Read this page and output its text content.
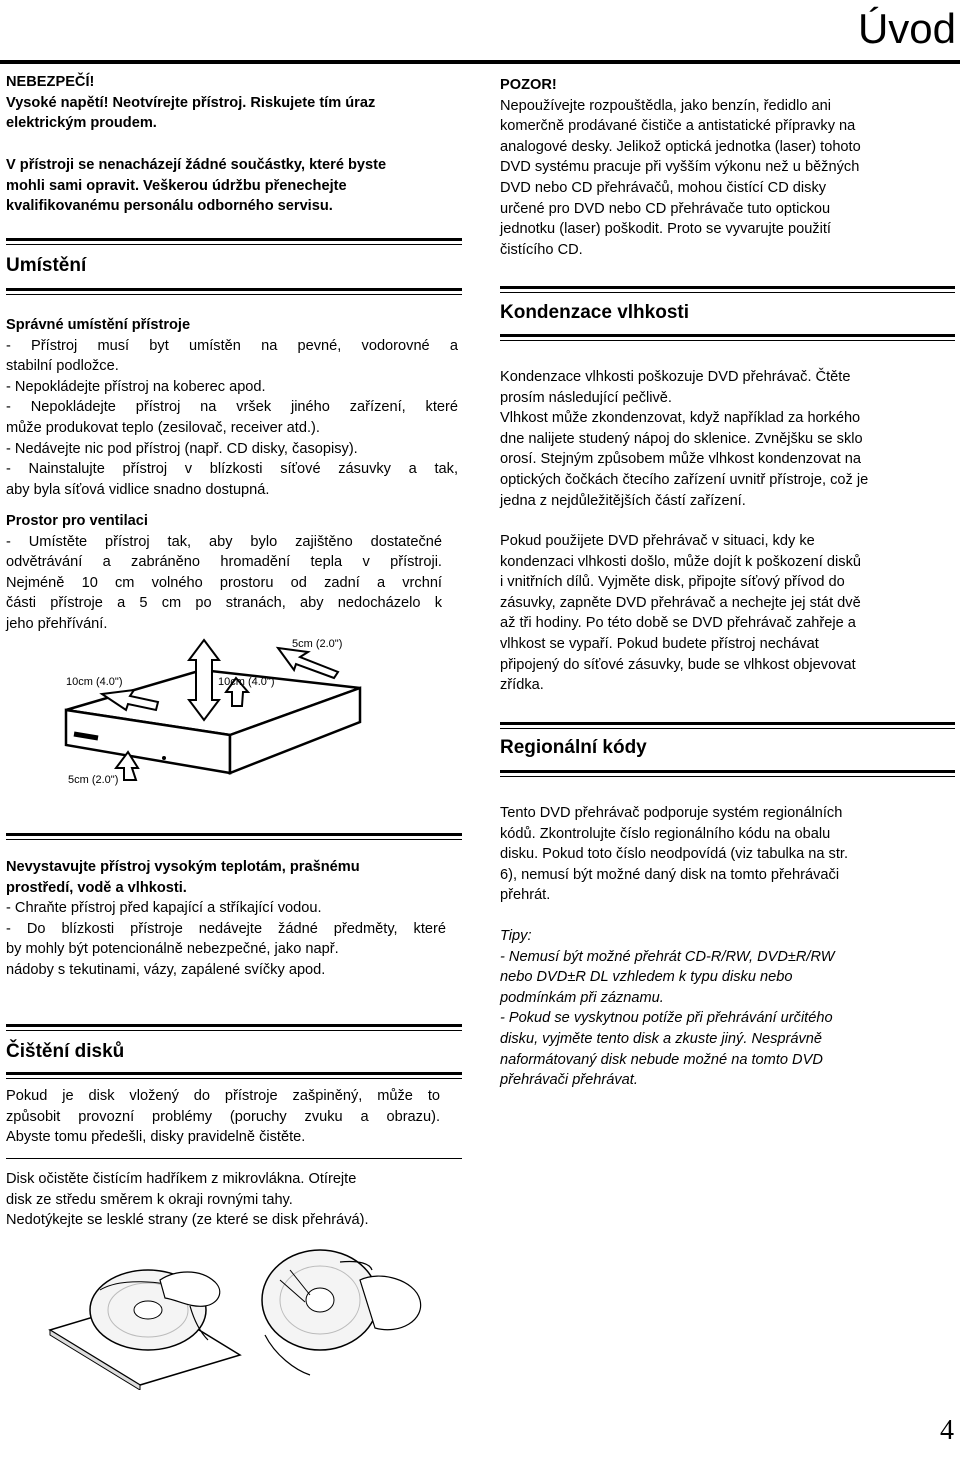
Úvod
NEBEZPEČÍ!
Vysoké napětí! Neotvírejte přístroj. Riskujete tím úraz
elektrickým proudem.
V přístroji se nenacházejí žádné součástky, které byste
mohli sami opravit. Veškerou údržbu přenechejte
kvalifikovanému personálu odborného servisu.
Umístění
Správné umístění přístroje
- Přístroj musí byt umístěn na pevné, vodorovné a
stabilní podložce.
- Nepokládejte přístroj na koberec apod.
- Nepokládejte přístroj na vršek jiného zařízení, které
může produkovat teplo (zesilovač, receiver atd.).
- Nedávejte nic pod přístroj (např. CD disky, časopisy).
- Nainstalujte přístroj v blízkosti síťové zásuvky a tak,
aby byla síťová vidlice snadno dostupná.
Prostor pro ventilaci
- Umístěte přístroj tak, aby bylo zajištěno dostatečné
odvětrávání a zabráněno hromadění tepla v přístroji.
Nejméně 10 cm volného prostoru od zadní a vrchní
části přístroje a 5 cm po stranách, aby nedocházelo k
jeho přehřívání.
5cm (2.0")
10cm (4.0")	10cm (4.0")
5cm (2.0")
Nevystavujte přístroj vysokým teplotám, prašnému
prostředí, vodě a vlhkosti.
- Chraňte přístroj před kapající a stříkající vodou.
- Do blízkosti přístroje nedávejte žádné předměty, které
by mohly být potencionálně nebezpečné, jako např.
nádoby s tekutinami, vázy, zapálené svíčky apod.
Čištění disků
Pokud je disk vložený do přístroje zašpiněný, může to
způsobit provozní problémy (poruchy zvuku a obrazu).
Abyste tomu předešli, disky pravidelně čistěte.
Disk očistěte čistícím hadříkem z mikrovlákna. Otírejte
disk ze středu směrem k okraji rovnými tahy.
Nedotýkejte se lesklé strany (ze které se disk přehrává).
POZOR!
Nepoužívejte rozpouštědla, jako benzín, ředidlo ani
komerčně prodávané čističe a antistatické přípravky na
analogové desky. Jelikož optická jednotka (laser) tohoto
DVD systému pracuje při vyšším výkonu než u běžných
DVD nebo CD přehrávačů, mohou čistící CD disky
určené pro DVD nebo CD přehrávače tuto optickou
jednotku (laser) poškodit. Proto se vyvarujte použití
čistícího CD.
Kondenzace vlhkosti
Kondenzace vlhkosti poškozuje DVD přehrávač. Čtěte
prosím následující pečlivě.
Vlhkost může zkondenzovat, když například za horkého
dne nalijete studený nápoj do sklenice. Zvnějšku se sklo
orosí. Stejným způsobem může vlhkost kondenzovat na
optických čočkách čtecího zařízení uvnitř přístroje, což je
jedna z nejdůležitějších částí zařízení.
Pokud použijete DVD přehrávač v situaci, kdy ke
kondenzaci vlhkosti došlo, může dojít k poškození disků
i vnitřních dílů. Vyjměte disk, připojte síťový přívod do
zásuvky, zapněte DVD přehrávač a nechejte jej stát dvě
až tři hodiny. Po této době se DVD přehrávač zahřeje a
vlhkost se vypaří. Pokud budete přístroj nechávat
připojený do síťové zásuvky, bude se vlhkost objevovat
zřídka.
Regionální kódy
Tento DVD přehrávač podporuje systém regionálních
kódů. Zkontrolujte číslo regionálního kódu na obalu
disku. Pokud toto číslo neodpovídá (viz tabulka na str.
6), nemusí být možné daný disk na tomto přehrávači
přehrát.
Tipy:
- Nemusí být možné přehrát CD-R/RW, DVD±R/RW
nebo DVD±R DL vzhledem k typu disku nebo
podmínkám při záznamu.
- Pokud se vyskytnou potíže při přehrávání určitého
disku, vyjměte tento disk a zkuste jiný. Nesprávně
naformátovaný disk nebude možné na tomto DVD
přehrávači přehrávat.
4
